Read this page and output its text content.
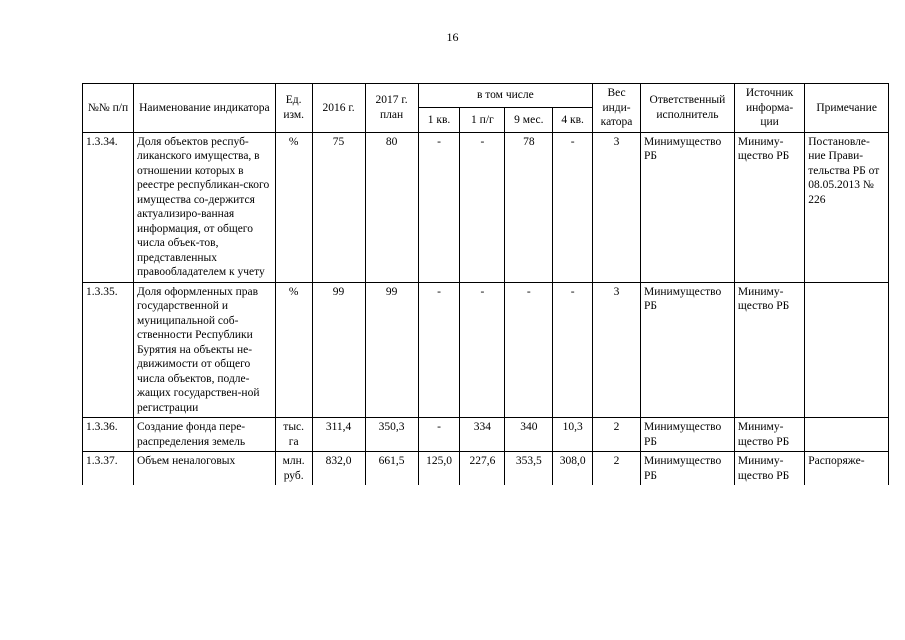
16
№№ п/п	Наименование индикатора	Ед. изм.	2016 г.	2017 г. план	в том числе				Вес инди-катора	Ответственный исполнитель	Источник информа-ции	Примечание
					1 кв.	1 п/г	9 мес.	4 кв.				
1.3.34.	Доля объектов респуб-ликанского имущества, в отношении которых в реестре республикан-ского имущества со-держится актуализиро-ванная информация, от общего числа объек-тов, представленных правообладателем к учету	%	75	80	-	-	78	-	3	Минимущество РБ	Миниму-щество РБ	Постановле-ние Прави-тельства РБ от 08.05.2013 № 226
1.3.35.	Доля оформленных прав государственной и муниципальной соб-ственности Республики Бурятия на объекты не-движимости от общего числа объектов, подле-жащих государствен-ной регистрации	%	99	99	-	-	-	-	3	Минимущество РБ	Миниму-щество РБ	
1.3.36.	Создание фонда пере-распределения земель	тыс. га	311,4	350,3	-	334	340	10,3	2	Минимущество РБ	Миниму-щество РБ	
1.3.37.	Объем неналоговых	млн. руб.	832,0	661,5	125,0	227,6	353,5	308,0	2	Минимущество РБ	Миниму-щество РБ	Распоряже-
